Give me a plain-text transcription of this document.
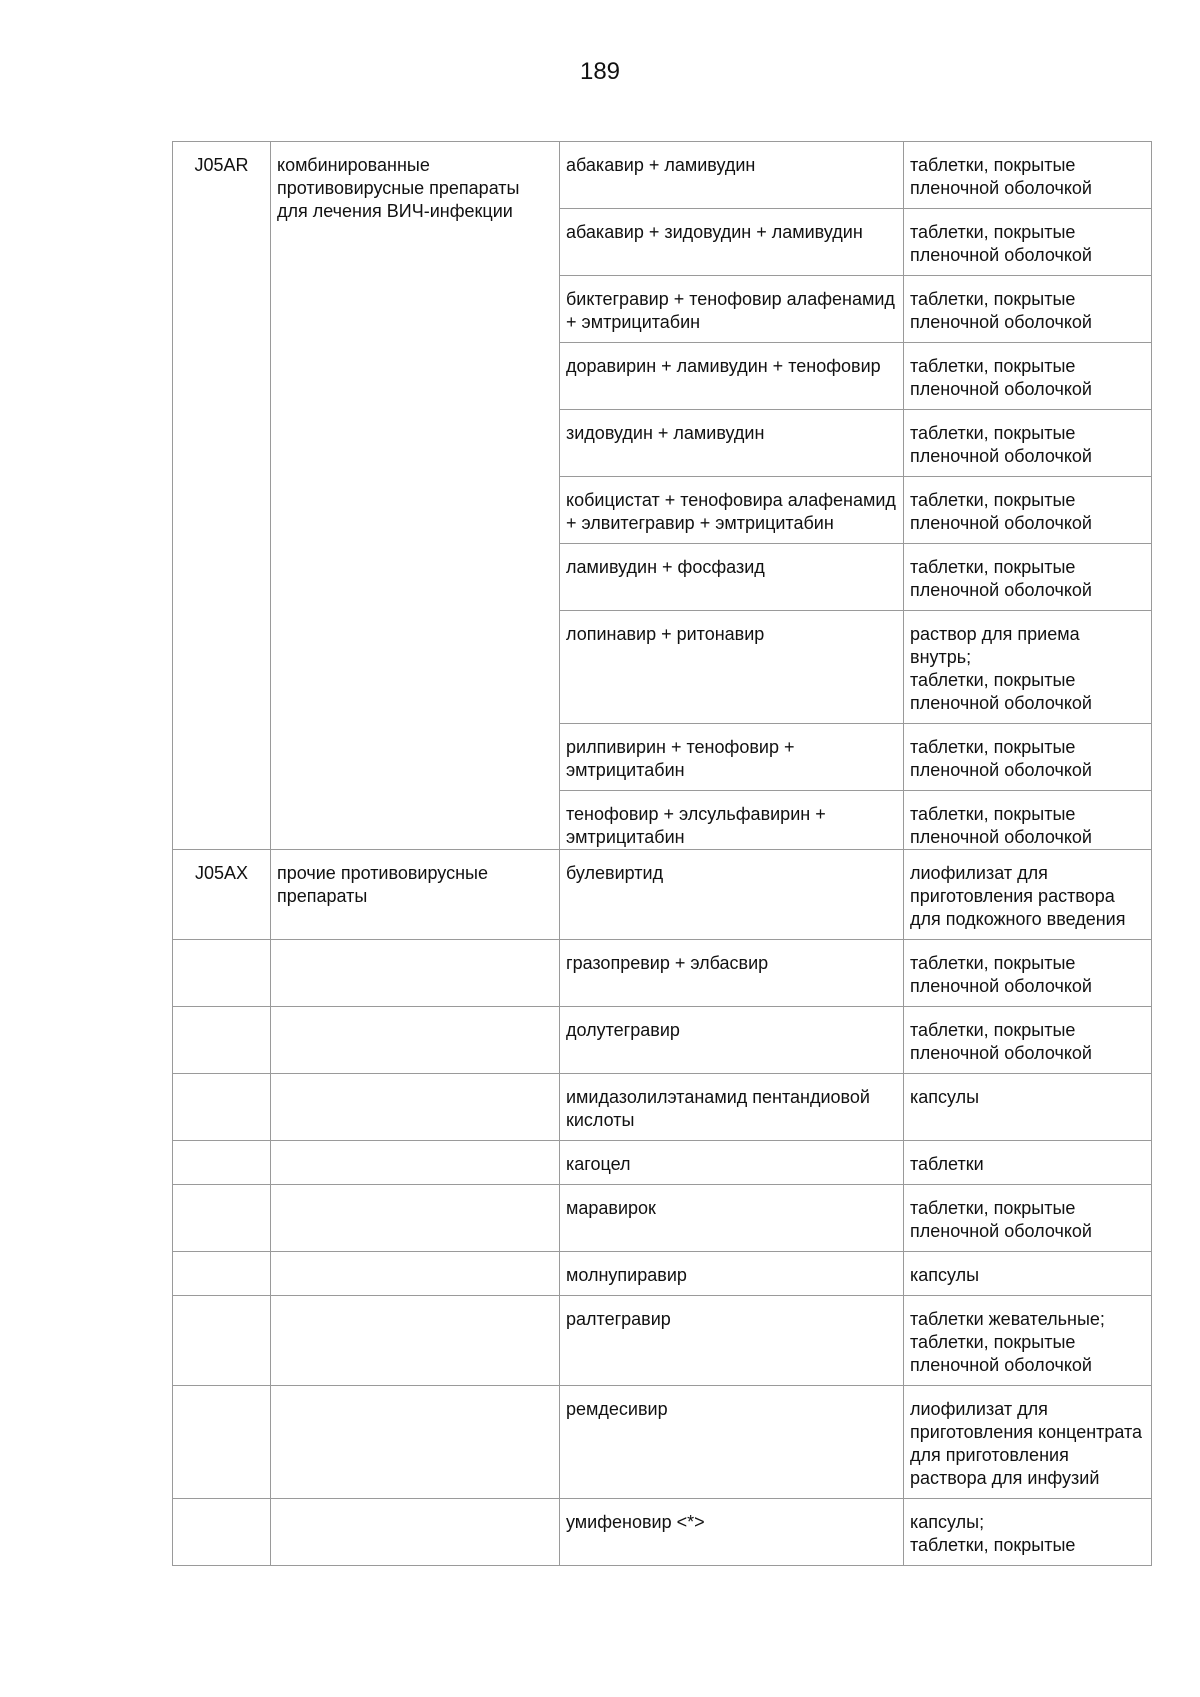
189
J05AR	комбинированные противовирусные препараты для лечения ВИЧ-инфекции	абакавир + ламивудин	таблетки, покрытые пленочной оболочкой
		абакавир + зидовудин + ламивудин	таблетки, покрытые пленочной оболочкой
		биктегравир + тенофовир алафенамид + эмтрицитабин	таблетки, покрытые пленочной оболочкой
		доравирин + ламивудин + тенофовир	таблетки, покрытые пленочной оболочкой
		зидовудин + ламивудин	таблетки, покрытые пленочной оболочкой
		кобицистат + тенофовира алафенамид + элвитегравир + эмтрицитабин	таблетки, покрытые пленочной оболочкой
		ламивудин + фосфазид	таблетки, покрытые пленочной оболочкой
		лопинавир + ритонавир	раствор для приема внутрь;
таблетки, покрытые пленочной оболочкой
		рилпивирин + тенофовир + эмтрицитабин	таблетки, покрытые пленочной оболочкой
		тенофовир + элсульфавирин + эмтрицитабин	таблетки, покрытые пленочной оболочкой
J05AX	прочие противовирусные препараты	булевиртид	лиофилизат для приготовления раствора для подкожного введения
		гразопревир + элбасвир	таблетки, покрытые пленочной оболочкой
		долутегравир	таблетки, покрытые пленочной оболочкой
		имидазолилэтанамид пентандиовой кислоты	капсулы
		кагоцел	таблетки
		маравирок	таблетки, покрытые пленочной оболочкой
		молнупиравир	капсулы
		ралтегравир	таблетки жевательные;
таблетки, покрытые пленочной оболочкой
		ремдесивир	лиофилизат для приготовления концентрата для приготовления раствора для инфузий
		умифеновир <*>	капсулы;
таблетки, покрытые
